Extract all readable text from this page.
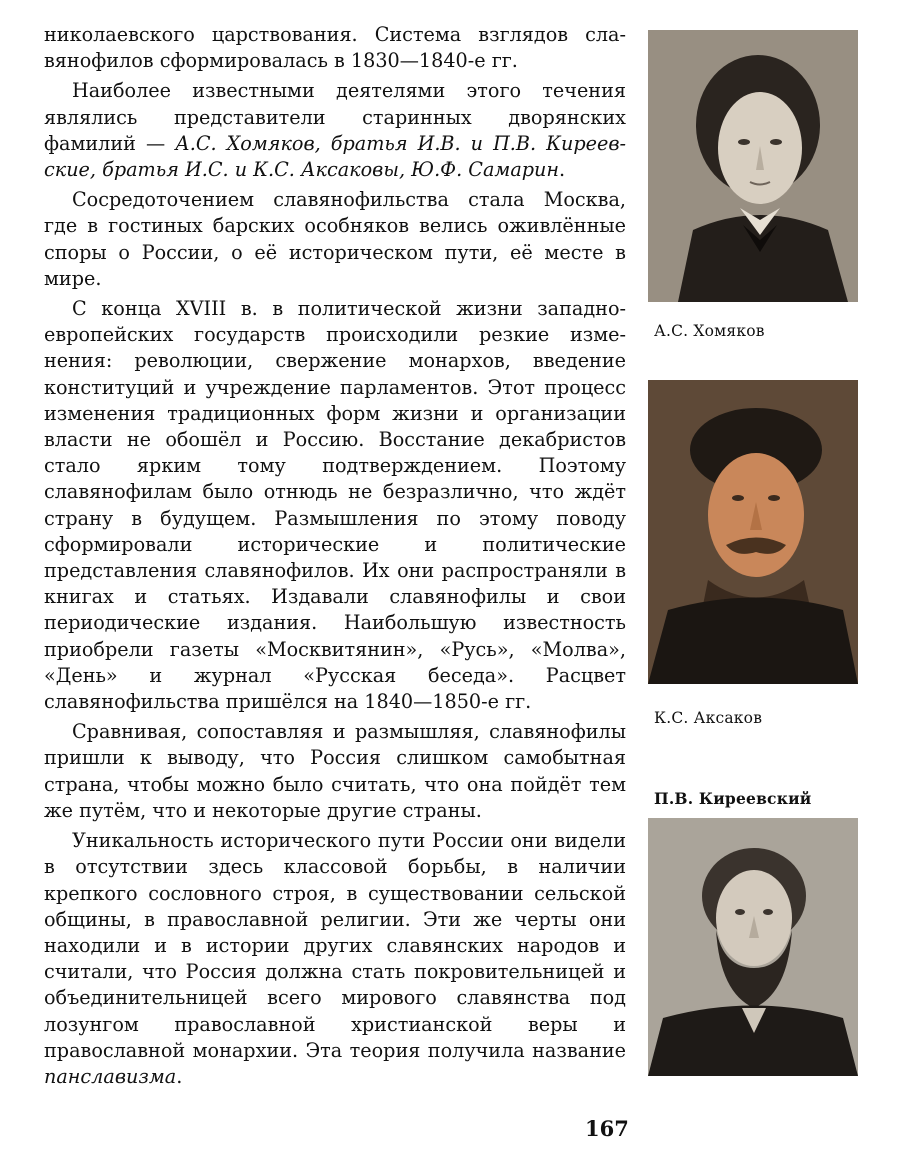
николаевского царствования. Система взглядов славянофилов сформировалась в 1830—1840-е гг.

Наиболее известными деятелями этого течения являлись представители старинных дворянских фамилий — А.С. Хомяков, братья И.В. и П.В. Киреевские, братья И.С. и К.С. Аксаковы, Ю.Ф. Самарин.

Сосредоточением славянофильства стала Москва, где в гостиных барских особняков велись оживлённые споры о России, о её историческом пути, её месте в мире.

С конца XVIII в. в политической жизни западноевропейских государств происходили резкие изменения: революции, свержение монархов, введение конституций и учреждение парламентов. Этот процесс изменения традиционных форм жизни и организации власти не обошёл и Россию. Восстание декабристов стало ярким тому подтверждением. Поэтому славянофилам было отнюдь не безразлично, что ждёт страну в будущем. Размышления по этому поводу сформировали исторические и политические представления славянофилов. Их они распространяли в книгах и статьях. Издавали славянофилы и свои периодические издания. Наибольшую известность приобрели газеты «Москвитянин», «Русь», «Молва», «День» и журнал «Русская беседа». Расцвет славянофильства пришёлся на 1840—1850-е гг.

Сравнивая, сопоставляя и размышляя, славянофилы пришли к выводу, что Россия слишком самобытная страна, чтобы можно было считать, что она пойдёт тем же путём, что и некоторые другие страны.

Уникальность исторического пути России они видели в отсутствии здесь классовой борьбы, в наличии крепкого сословного строя, в существовании сельской общины, в православной религии. Эти же черты они находили и в истории других славянских народов и считали, что Россия должна стать покровительницей и объединительницей всего мирового славянства под лозунгом православной христианской веры и православной монархии. Эта теория получила название панславизма.

А.С. Хомяков
К.С. Аксаков
П.В. Киреевский
167
